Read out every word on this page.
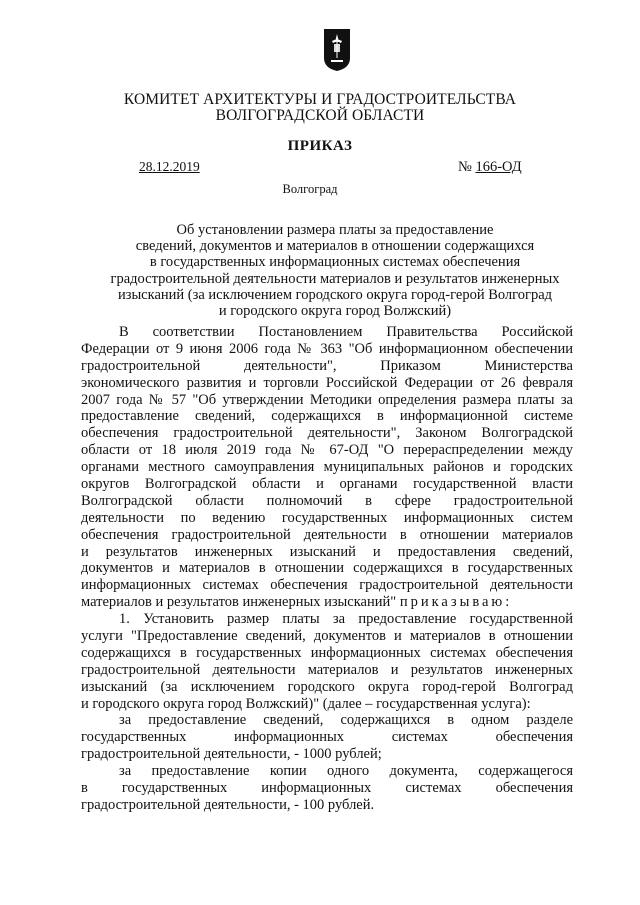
КОМИТЕТ АРХИТЕКТУРЫ И ГРАДОСТРОИТЕЛЬСТВА
ВОЛГОГРАДСКОЙ ОБЛАСТИ
ПРИКАЗ
28.12.2019	№ 166-ОД
Волгоград
Об установлении размера платы за предоставление
сведений, документов и материалов в отношении содержащихся
в государственных информационных системах обеспечения
градостроительной деятельности материалов и результатов инженерных
изысканий (за исключением городского округа город-герой Волгоград
и городского округа город Волжский)
В соответствии Постановлением Правительства Российской
Федерации от 9 июня 2006 года № 363 "Об информационном обеспечении
градостроительной деятельности", Приказом Министерства
экономического развития и торговли Российской Федерации от 26 февраля
2007 года № 57 "Об утверждении Методики определения размера платы за
предоставление сведений, содержащихся в информационной системе
обеспечения градостроительной деятельности", Законом Волгоградской
области от 18 июля 2019 года № 67-ОД "О перераспределении между
органами местного самоуправления муниципальных районов и городских
округов Волгоградской области и органами государственной власти
Волгоградской области полномочий в сфере градостроительной
деятельности по ведению государственных информационных систем
обеспечения градостроительной деятельности в отношении материалов
и результатов инженерных изысканий и предоставления сведений,
документов и материалов в отношении содержащихся в государственных
информационных системах обеспечения градостроительной деятельности
материалов и результатов инженерных изысканий" приказываю:
1. Установить размер платы за предоставление государственной
услуги "Предоставление сведений, документов и материалов в отношении
содержащихся в государственных информационных системах обеспечения
градостроительной деятельности материалов и результатов инженерных
изысканий (за исключением городского округа город-герой Волгоград
и городского округа город Волжский)" (далее – государственная услуга):
за предоставление сведений, содержащихся в одном разделе
государственных информационных системах обеспечения
градостроительной деятельности, - 1000 рублей;
за предоставление копии одного документа, содержащегося
в государственных информационных системах обеспечения
градостроительной деятельности, - 100 рублей.
